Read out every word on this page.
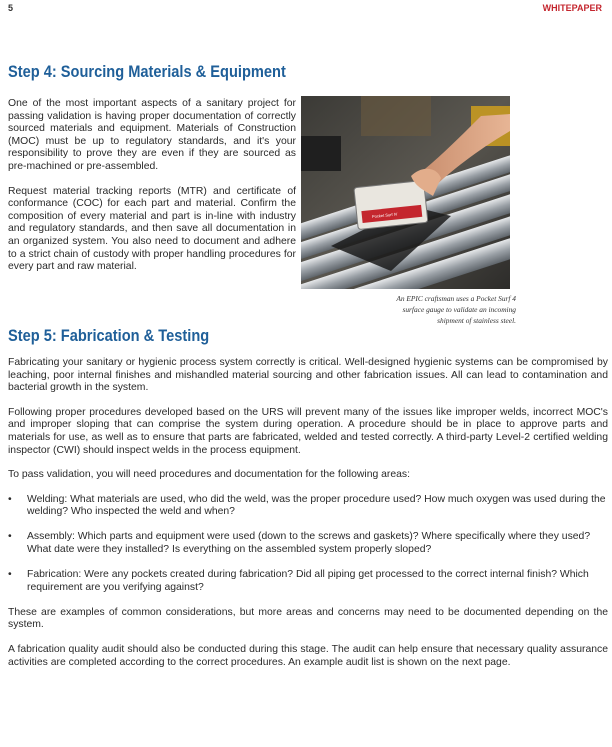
5	WHITEPAPER
Step 4: Sourcing Materials & Equipment

One of the most important aspects of a sanitary project for passing validation is having proper documentation of correctly sourced materials and equipment. Materials of Construction (MOC) must be up to regulatory standards, and it's your responsibility to prove they are even if they are sourced as pre-machined or pre-assembled.

Request material tracking reports (MTR) and certificate of conformance (COC) for each part and material. Confirm the composition of every material and part is in-line with industry and regulatory standards, and then save all documentation in an organized system. You also need to document and adhere to a strict chain of custody with proper handling procedures for every part and raw material.

Pocket Surf IV
An EPIC craftsman uses a Pocket Surf 4 surface gauge to validate an incoming shipment of stainless steel.
Step 5: Fabrication & Testing

Fabricating your sanitary or hygienic process system correctly is critical. Well-designed hygienic systems can be compromised by leaching, poor internal finishes and mishandled material sourcing and other fabrication issues. All can lead to contamination and bacterial growth in the system.

Following proper procedures developed based on the URS will prevent many of the issues like improper welds, incorrect MOC's and improper sloping that can comprise the system during operation. A procedure should be in place to approve parts and materials for use, as well as to ensure that parts are fabricated, welded and tested correctly. A third-party Level-2 certified welding inspector (CWI) should inspect welds in the process equipment.

To pass validation, you will need procedures and documentation for the following areas:

• Welding: What materials are used, who did the weld, was the proper procedure used? How much oxygen was used during the welding? Who inspected the weld and when?
• Assembly: Which parts and equipment were used (down to the screws and gaskets)? Where specifically where they used? What date were they installed? Is everything on the assembled system properly sloped?
• Fabrication: Were any pockets created during fabrication? Did all piping get processed to the correct internal finish? Which requirement are you verifying against?

These are examples of common considerations, but more areas and concerns may need to be documented depending on the system.

A fabrication quality audit should also be conducted during this stage. The audit can help ensure that necessary quality assurance activities are completed according to the correct procedures. An example audit list is shown on the next page.
